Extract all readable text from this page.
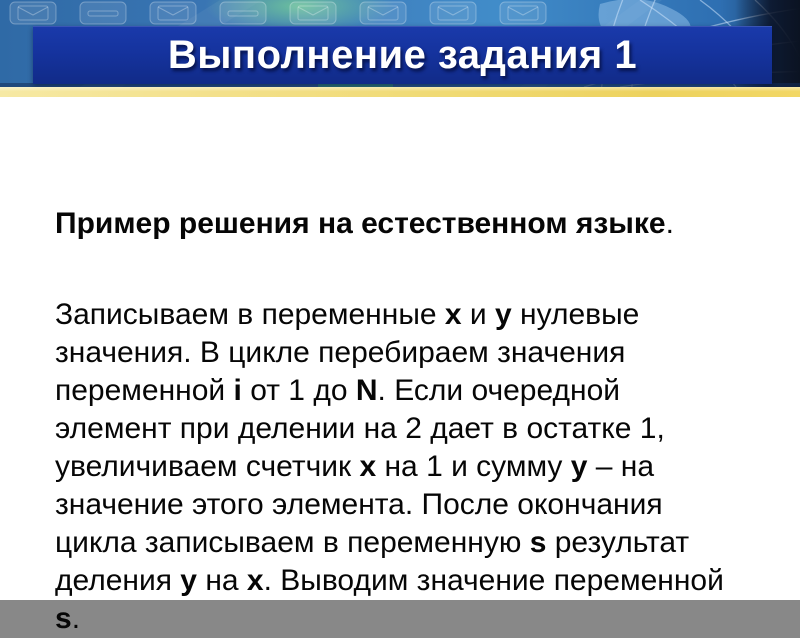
Выполнение задания 1

Пример решения на естественном языке.

Записываем в переменные x и y нулевые
значения. В цикле перебираем значения
переменной i от 1 до N. Если очередной
элемент при делении на 2 дает в остатке 1,
увеличиваем счетчик x на 1 и сумму y – на
значение этого элемента. После окончания
цикла записываем в переменную s результат
деления y на x. Выводим значение переменной
s.
